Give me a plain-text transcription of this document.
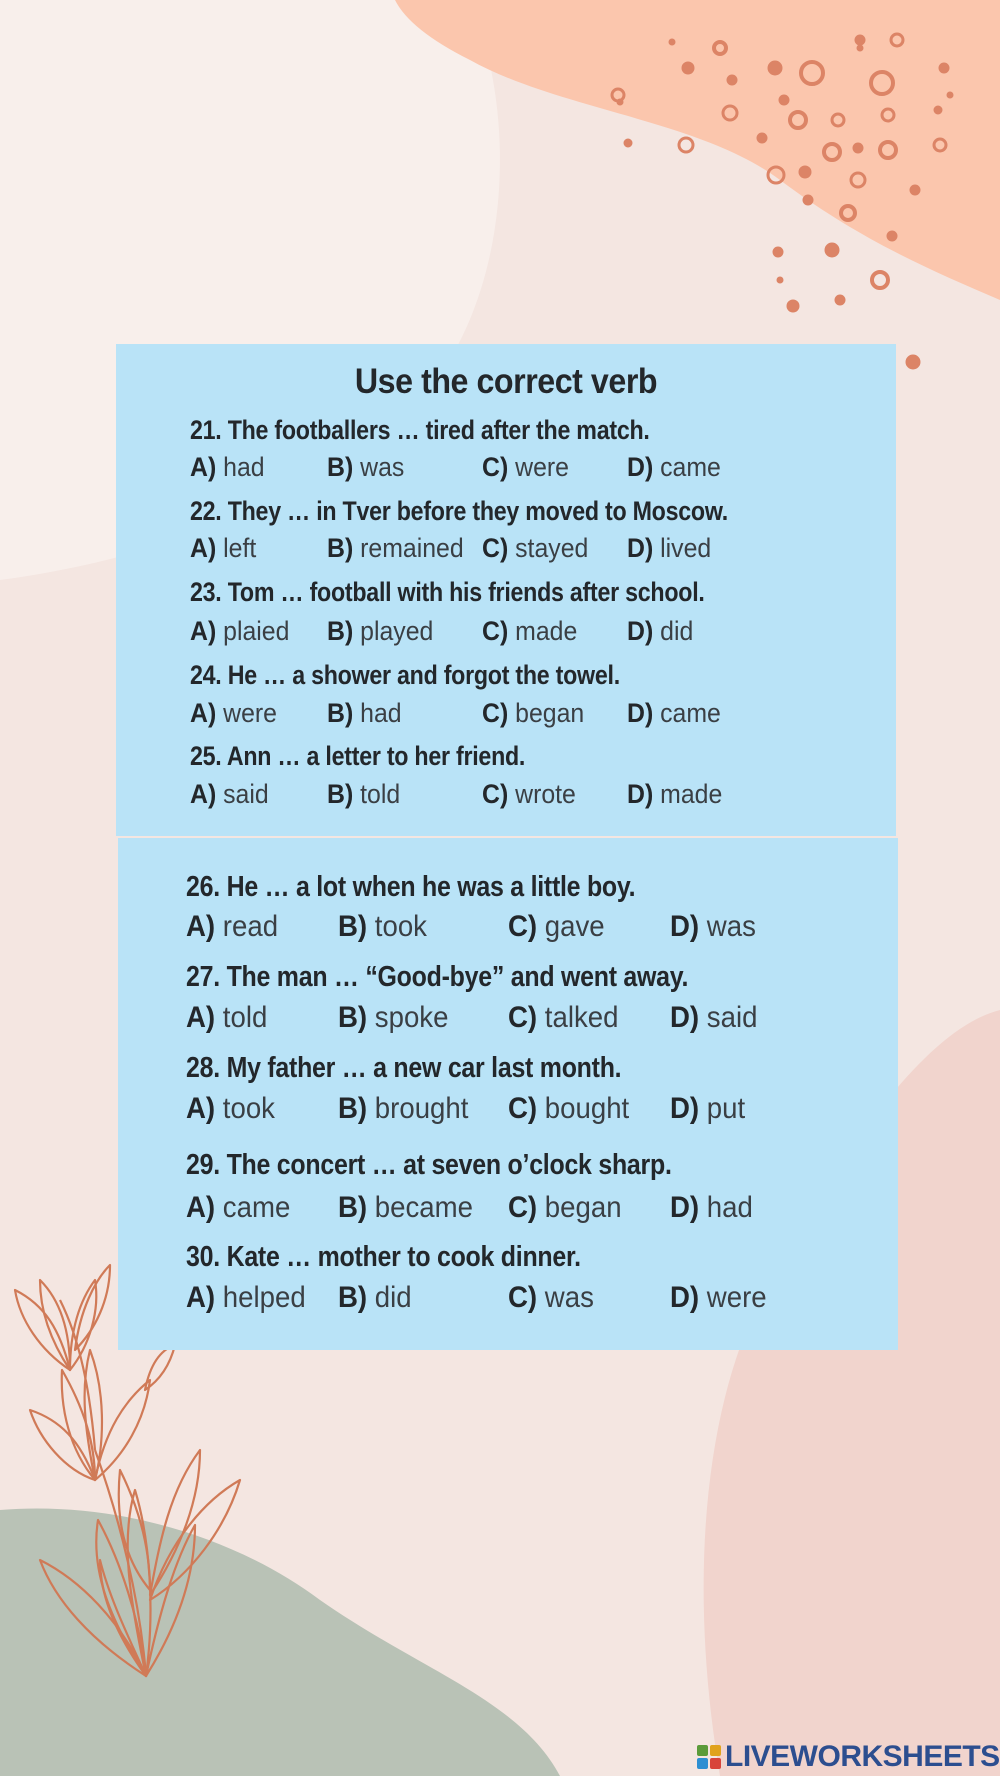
Use the correct verb
21. The footballers … tired after the match.
A) had B) was	C) were D) came
22. They … in Tver before they moved to Moscow.
A) left	B) remained C) stayed D) lived
23. Tom … football with his friends after school.
A) plaied B) played C) made D) did
24. He … a shower and forgot the towel.
A) were B) had	C) began D) came
25. Ann … a letter to her friend.
A) said B) told	C) wrote D) made
26. He … a lot when he was a little boy.
A) read B) took	C) gave D) was
27. The man … “Good-bye” and went away.
A) told B) spoke C) talked D) said
28. My father … a new car last month.
A) took B) brought C) bought D) put
29. The concert … at seven o’clock sharp.
A) came B) became C) began D) had
30. Kate … mother to cook dinner.
A) helped B) did	C) was	D) were
LIVEWORKSHEETS
